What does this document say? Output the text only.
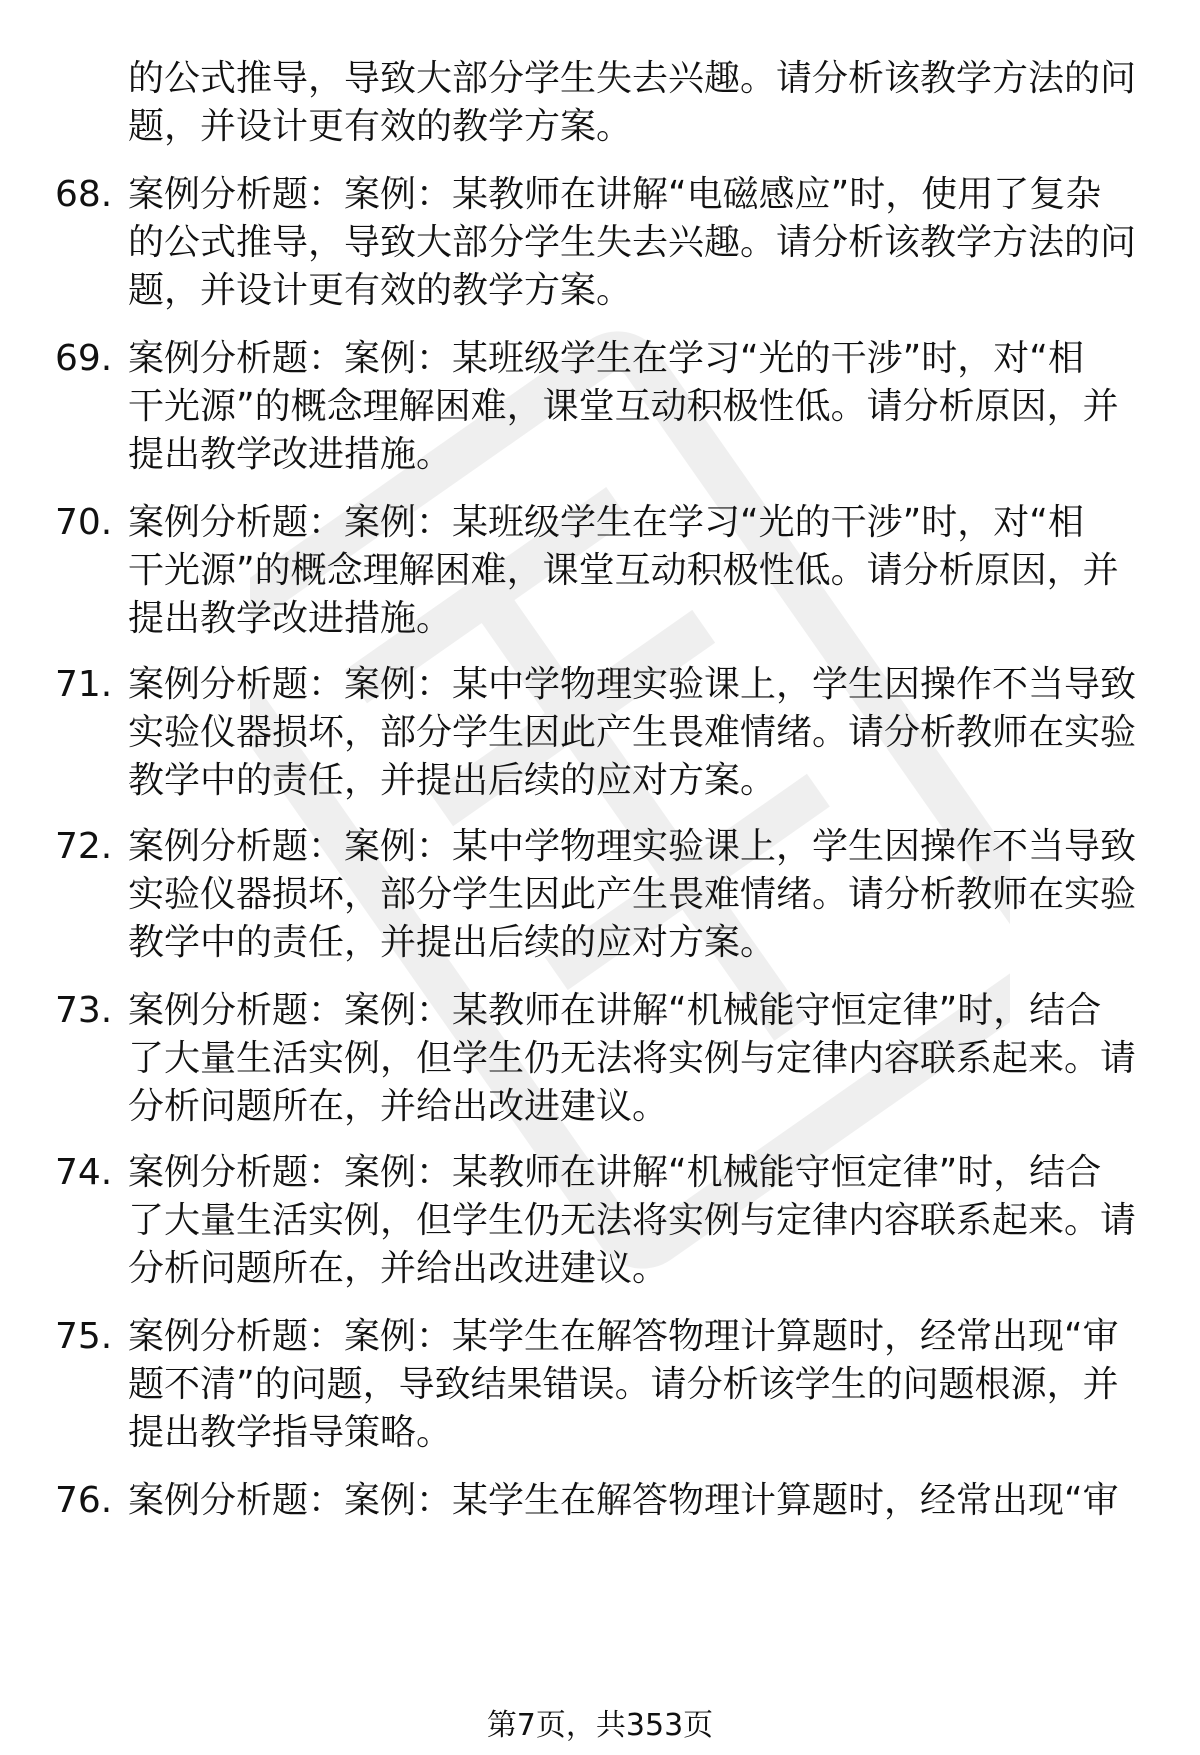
的公式推导，导致大部分学生失去兴趣。请分析该教学方法的问
题，并设计更有效的教学方案。
68. 案例分析题：案例：某教师在讲解“电磁感应”时，使用了复杂
的公式推导，导致大部分学生失去兴趣。请分析该教学方法的问
题，并设计更有效的教学方案。
69. 案例分析题：案例：某班级学生在学习“光的干涉”时，对“相
干光源”的概念理解困难，课堂互动积极性低。请分析原因，并
提出教学改进措施。
70. 案例分析题：案例：某班级学生在学习“光的干涉”时，对“相
干光源”的概念理解困难，课堂互动积极性低。请分析原因，并
提出教学改进措施。
71. 案例分析题：案例：某中学物理实验课上，学生因操作不当导致
实验仪器损坏，部分学生因此产生畏难情绪。请分析教师在实验
教学中的责任，并提出后续的应对方案。
72. 案例分析题：案例：某中学物理实验课上，学生因操作不当导致
实验仪器损坏，部分学生因此产生畏难情绪。请分析教师在实验
教学中的责任，并提出后续的应对方案。
73. 案例分析题：案例：某教师在讲解“机械能守恒定律”时，结合
了大量生活实例，但学生仍无法将实例与定律内容联系起来。请
分析问题所在，并给出改进建议。
74. 案例分析题：案例：某教师在讲解“机械能守恒定律”时，结合
了大量生活实例，但学生仍无法将实例与定律内容联系起来。请
分析问题所在，并给出改进建议。
75. 案例分析题：案例：某学生在解答物理计算题时，经常出现“审
题不清”的问题，导致结果错误。请分析该学生的问题根源，并
提出教学指导策略。
76. 案例分析题：案例：某学生在解答物理计算题时，经常出现“审
第7页，共353页
